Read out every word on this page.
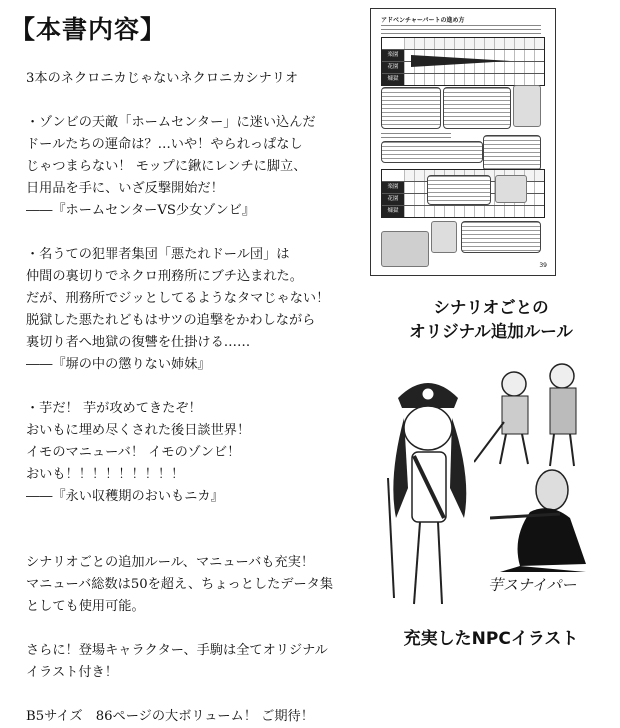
【本書内容】

3本のネクロニカじゃないネクロニカシナリオ

・ゾンビの天敵「ホームセンター」に迷い込んだ
ドールたちの運命は？…いや！やられっぱなし
じゃつまらない！ モップに鍬にレンチに脚立、
日用品を手に、いざ反撃開始だ！
――『ホームセンターVS少女ゾンビ』

・名うての犯罪者集団「悪たれドール団」は
仲間の裏切りでネクロ刑務所にブチ込まれた。
だが、刑務所でジッとしてるようなタマじゃない！
脱獄した悪たれどもはサツの追撃をかわしながら
裏切り者へ地獄の復讐を仕掛ける……
――『塀の中の懲りない姉妹』

・芋だ！ 芋が攻めてきたぞ！
おいもに埋め尽くされた後日談世界！
イモのマニューバ！ イモのゾンビ！
おいも！！！！！！！！！
――『永い収穫期のおいもニカ』

シナリオごとの追加ルール、マニューバも充実！
マニューバ総数は50を超え、ちょっとしたデータ集
としても使用可能。

さらに！登場キャラクター、手駒は全てオリジナル
イラスト付き！

B5サイズ　86ページの大ボリューム！ ご期待！

アドベンチャーパートの進め方
楽園
花園
煉獄
楽園
花園
煉獄
39
シナリオごとの
オリジナル追加ルール
芋スナイパー
充実したNPCイラスト
